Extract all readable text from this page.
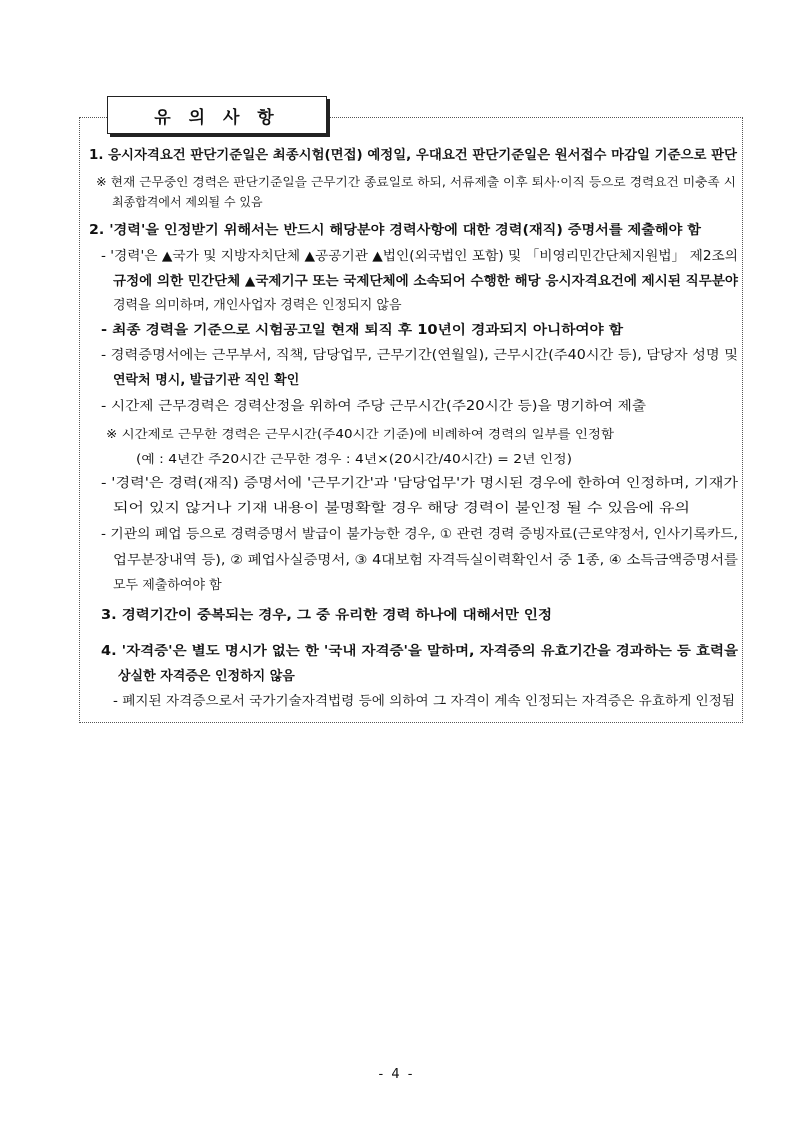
유 의 사 항
1. 응시자격요건 판단기준일은 최종시험(면접) 예정일, 우대요건 판단기준일은 원서접수 마감일 기준으로 판단
※ 현재 근무중인 경력은 판단기준일을 근무기간 종료일로 하되, 서류제출 이후 퇴사·이직 등으로 경력요건 미충족 시
최종합격에서 제외될 수 있음
2. '경력'을 인정받기 위해서는 반드시 해당분야 경력사항에 대한 경력(재직) 증명서를 제출해야 함
- '경력'은 ▲국가 및 지방자치단체 ▲공공기관 ▲법인(외국법인 포함) 및 「비영리민간단체지원법」 제2조의
규정에 의한 민간단체 ▲국제기구 또는 국제단체에 소속되어 수행한 해당 응시자격요건에 제시된 직무분야
경력을 의미하며, 개인사업자 경력은 인정되지 않음
- 최종 경력을 기준으로 시험공고일 현재 퇴직 후 10년이 경과되지 아니하여야 함
- 경력증명서에는 근무부서, 직책, 담당업무, 근무기간(연월일), 근무시간(주40시간 등), 담당자 성명 및
연락처 명시, 발급기관 직인 확인
- 시간제 근무경력은 경력산정을 위하여 주당 근무시간(주20시간 등)을 명기하여 제출
※ 시간제로 근무한 경력은 근무시간(주40시간 기준)에 비례하여 경력의 일부를 인정함
(예 : 4년간 주20시간 근무한 경우 : 4년×(20시간/40시간) = 2년 인정)
- '경력'은 경력(재직) 증명서에 '근무기간'과 '담당업무'가 명시된 경우에 한하여 인정하며, 기재가
되어 있지 않거나 기재 내용이 불명확할 경우 해당 경력이 불인정 될 수 있음에 유의
- 기관의 폐업 등으로 경력증명서 발급이 불가능한 경우, ① 관련 경력 증빙자료(근로약정서, 인사기록카드,
업무분장내역 등), ② 폐업사실증명서, ③ 4대보험 자격득실이력확인서 중 1종, ④ 소득금액증명서를
모두 제출하여야 함
3. 경력기간이 중복되는 경우, 그 중 유리한 경력 하나에 대해서만 인정
4. '자격증'은 별도 명시가 없는 한 '국내 자격증'을 말하며, 자격증의 유효기간을 경과하는 등 효력을
상실한 자격증은 인정하지 않음
- 폐지된 자격증으로서 국가기술자격법령 등에 의하여 그 자격이 계속 인정되는 자격증은 유효하게 인정됨
- 4 -
